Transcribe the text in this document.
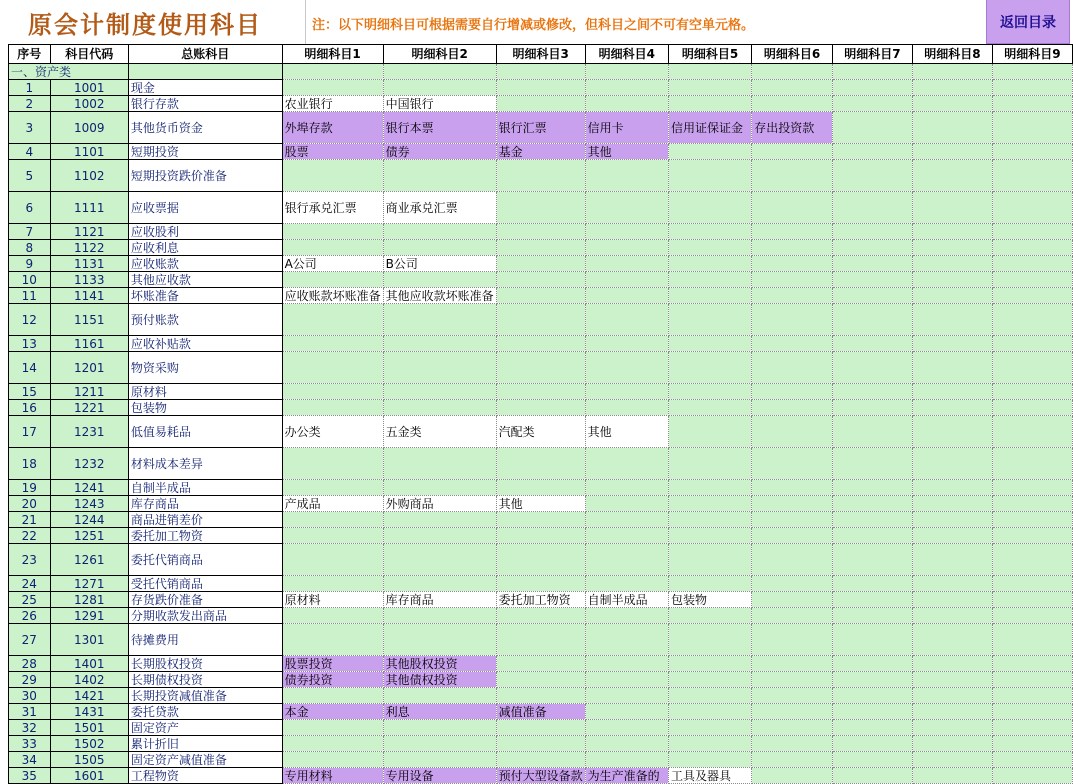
原会计制度使用科目	注：以下明细科目可根据需要自行增减或修改，但科目之间不可有空单元格。	返回目录
序号	科目代码	总账科目	明细科目1	明细科目2	明细科目3	明细科目4	明细科目5	明细科目6	明细科目7	明细科目8	明细科目9
一、资产类											
1	1001	现金									
2	1002	银行存款	农业银行	中国银行							
3	1009	其他货币资金	外埠存款	银行本票	银行汇票	信用卡	信用证保证金	存出投资款			
4	1101	短期投资	股票	债券	基金	其他					
5	1102	短期投资跌价准备									
6	1111	应收票据	银行承兑汇票	商业承兑汇票							
7	1121	应收股利									
8	1122	应收利息									
9	1131	应收账款	A公司	B公司							
10	1133	其他应收款									
11	1141	坏账准备	应收账款坏账准备	其他应收款坏账准备							
12	1151	预付账款									
13	1161	应收补贴款									
14	1201	物资采购									
15	1211	原材料									
16	1221	包装物									
17	1231	低值易耗品	办公类	五金类	汽配类	其他					
18	1232	材料成本差异									
19	1241	自制半成品									
20	1243	库存商品	产成品	外购商品	其他						
21	1244	商品进销差价									
22	1251	委托加工物资									
23	1261	委托代销商品									
24	1271	受托代销商品									
25	1281	存货跌价准备	原材料	库存商品	委托加工物资	自制半成品	包装物				
26	1291	分期收款发出商品									
27	1301	待摊费用									
28	1401	长期股权投资	股票投资	其他股权投资							
29	1402	长期债权投资	债券投资	其他债权投资							
30	1421	长期投资减值准备									
31	1431	委托贷款	本金	利息	减值准备						
32	1501	固定资产									
33	1502	累计折旧									
34	1505	固定资产减值准备									
35	1601	工程物资	专用材料	专用设备	预付大型设备款	为生产准备的	工具及器具				
